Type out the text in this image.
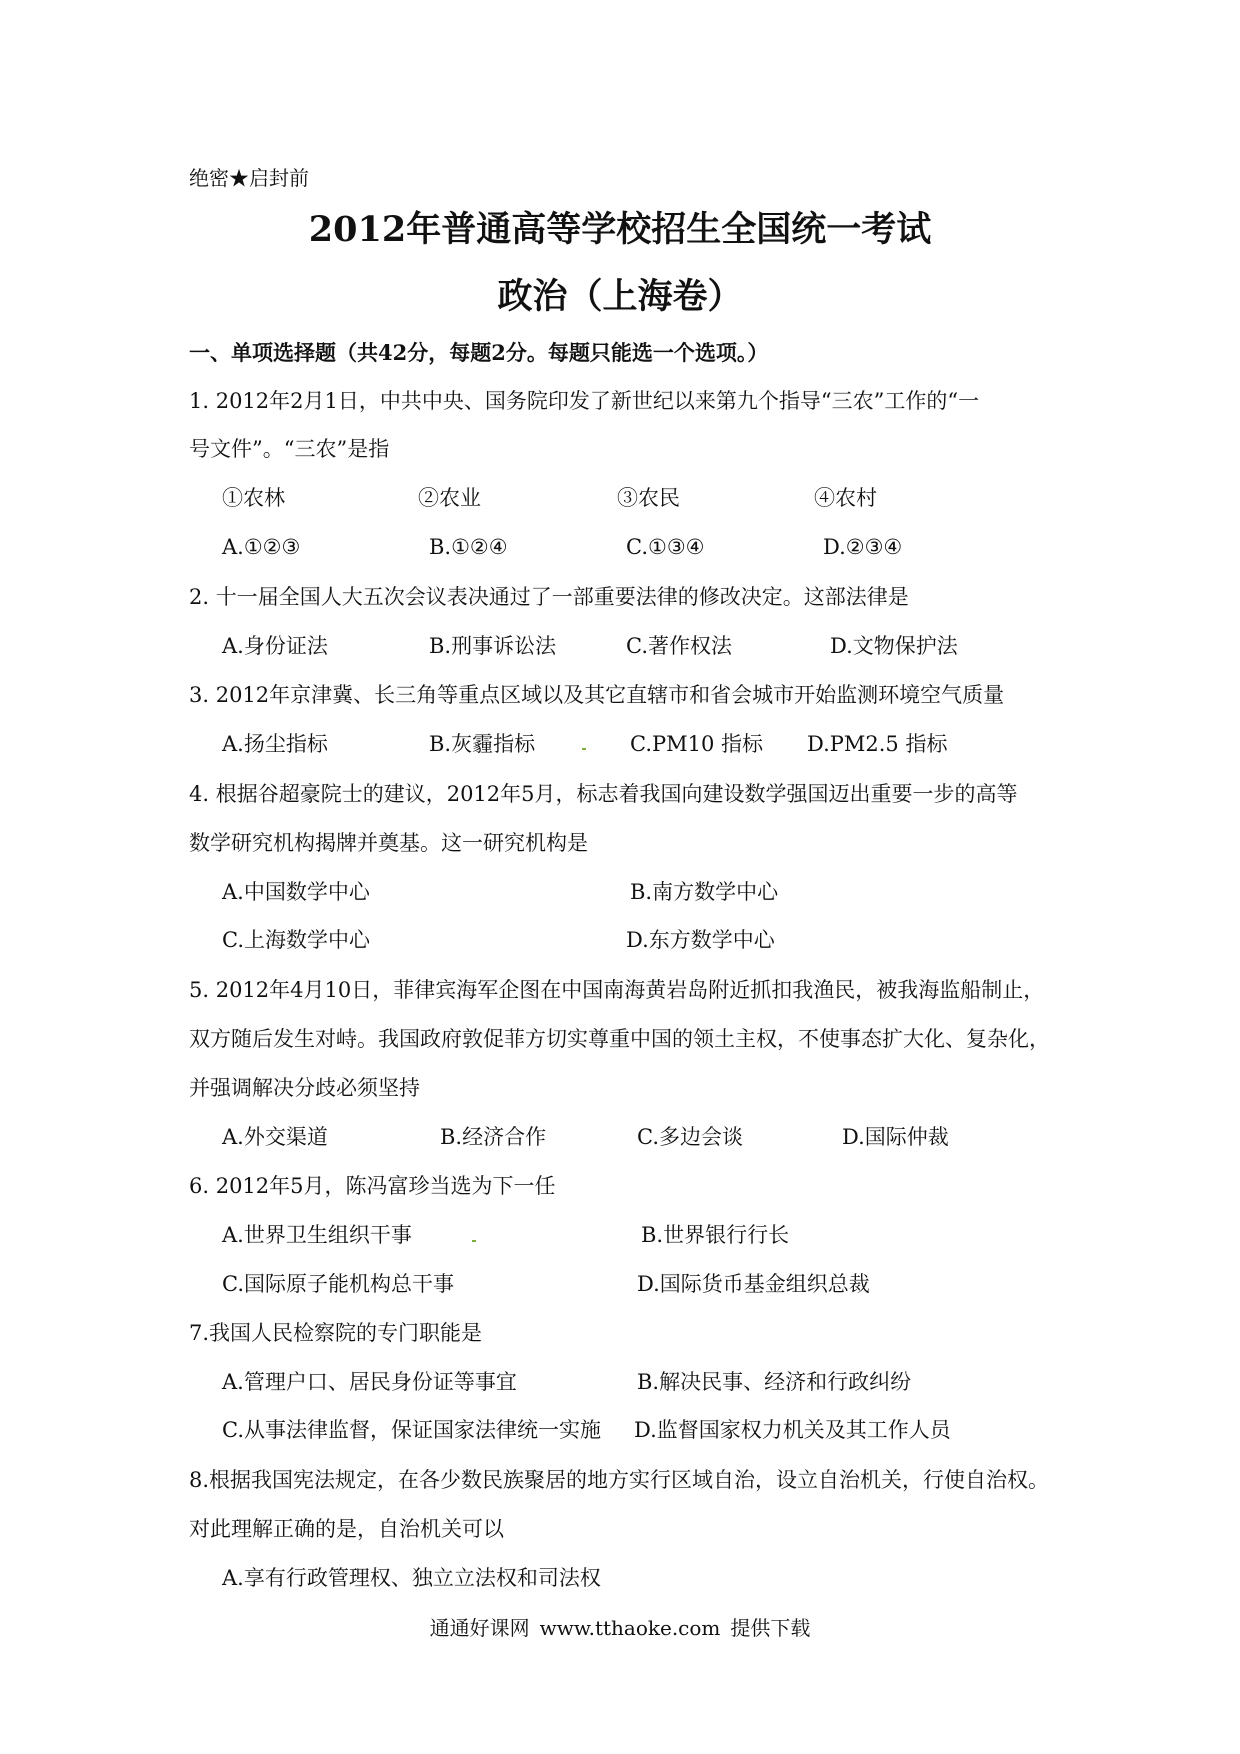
绝密★启封前
2012年普通高等学校招生全国统一考试
政治（上海卷）
一、单项选择题（共42分，每题2分。每题只能选一个选项。）
1. 2012年2月1日，中共中央、国务院印发了新世纪以来第九个指导“三农”工作的“一
号文件”。“三农”是指
①农林	②农业	③农民	④农村
A.①②③	B.①②④	C.①③④	D.②③④
2. 十一届全国人大五次会议表决通过了一部重要法律的修改决定。这部法律是
A.身份证法	B.刑事诉讼法	C.著作权法	D.文物保护法
3. 2012年京津冀、长三角等重点区域以及其它直辖市和省会城市开始监测环境空气质量
A.扬尘指标	B.灰霾指标	C.PM10 指标 D.PM2.5 指标
4. 根据谷超豪院士的建议，2012年5月，标志着我国向建设数学强国迈出重要一步的高等
数学研究机构揭牌并奠基。这一研究机构是
A.中国数学中心	B.南方数学中心
C.上海数学中心	D.东方数学中心
5. 2012年4月10日，菲律宾海军企图在中国南海黄岩岛附近抓扣我渔民，被我海监船制止，
双方随后发生对峙。我国政府敦促菲方切实尊重中国的领土主权，不使事态扩大化、复杂化，
并强调解决分歧必须坚持
A.外交渠道	B.经济合作	C.多边会谈	D.国际仲裁
6. 2012年5月，陈冯富珍当选为下一任
A.世界卫生组织干事	B.世界银行行长
C.国际原子能机构总干事	D.国际货币基金组织总裁
7.我国人民检察院的专门职能是
A.管理户口、居民身份证等事宜	B.解决民事、经济和行政纠纷
C.从事法律监督，保证国家法律统一实施 D.监督国家权力机关及其工作人员
8.根据我国宪法规定，在各少数民族聚居的地方实行区域自治，设立自治机关，行使自治权。
对此理解正确的是，自治机关可以
A.享有行政管理权、独立立法权和司法权
通通好课网 www.tthaoke.com 提供下载
